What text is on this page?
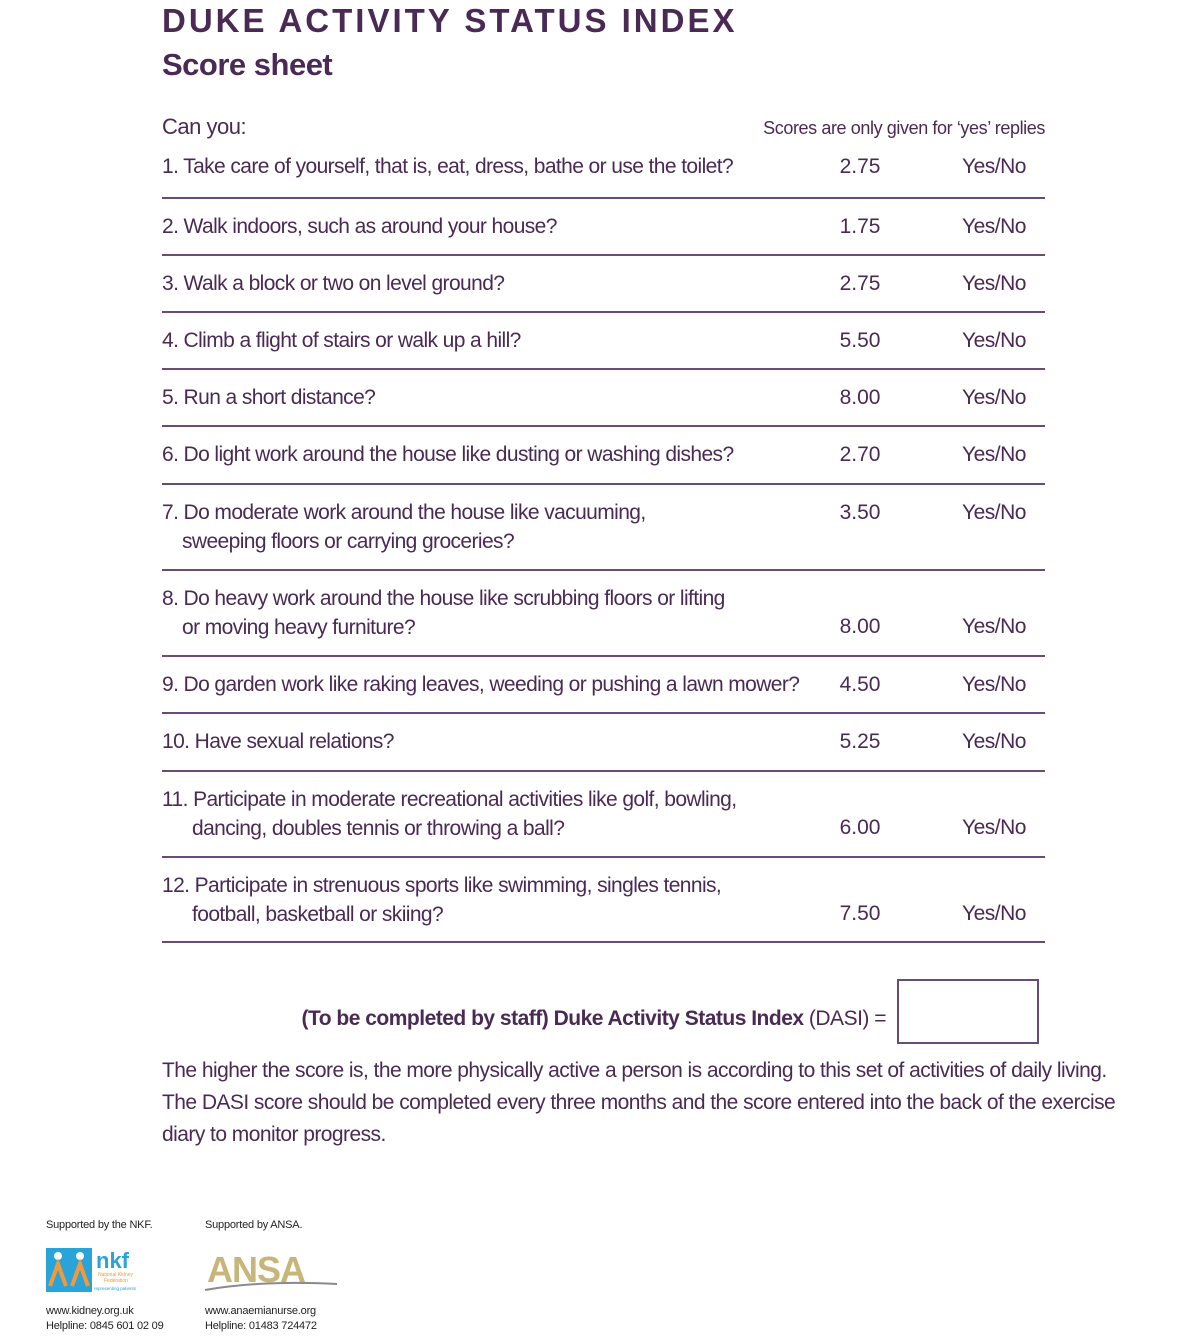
DUKE ACTIVITY STATUS INDEX
Score sheet
Can you:	Scores are only given for ‘yes’ replies
1. Take care of yourself, that is, eat, dress, bathe or use the toilet?	2.75	Yes/No
2. Walk indoors, such as around your house?	1.75	Yes/No
3. Walk a block or two on level ground?	2.75	Yes/No
4. Climb a flight of stairs or walk up a hill?	5.50	Yes/No
5. Run a short distance?	8.00	Yes/No
6. Do light work around the house like dusting or washing dishes?	2.70	Yes/No
7. Do moderate work around the house like vacuuming,
sweeping floors or carrying groceries?
3.50	Yes/No
8. Do heavy work around the house like scrubbing floors or lifting
or moving heavy furniture?	8.00	Yes/No
9. Do garden work like raking leaves, weeding or pushing a lawn mower?	4.50	Yes/No
10. Have sexual relations?	5.25	Yes/No
11. Participate in moderate recreational activities like golf, bowling,
dancing, doubles tennis or throwing a ball?	6.00	Yes/No
12. Participate in strenuous sports like swimming, singles tennis,
football, basketball or skiing?	7.50	Yes/No
(To be completed by staff) Duke Activity Status Index (DASI) =
The higher the score is, the more physically active a person is according to this set of activities of daily living.
The DASI score should be completed every three months and the score entered into the back of the exercise
diary to monitor progress.
Supported by the NKF.	Supported by ANSA.
nkf
National Kidney
Federation
representing patients ANSA
www.kidney.org.uk
Helpline: 0845 601 02 09
www.anaemianurse.org
Helpline: 01483 724472
